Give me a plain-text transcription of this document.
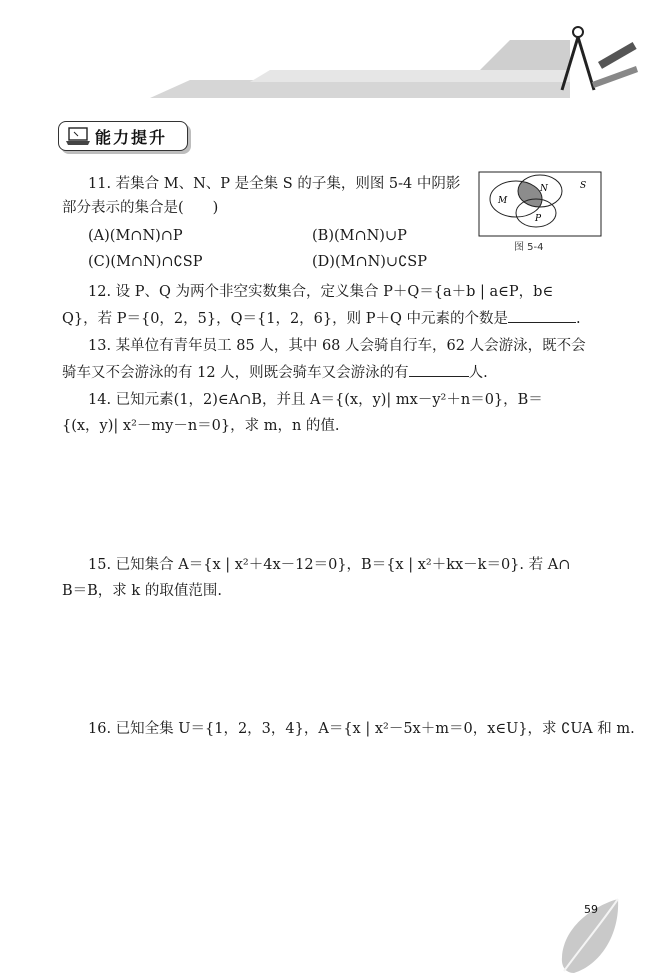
能力提升
11. 若集合 M、N、P 是全集 S 的子集，则图 5-4 中阴影
部分表示的集合是(　　)
(A)(M∩N)∩P	(B)(M∩N)∪P
(C)(M∩N)∩∁SP	(D)(M∩N)∪∁SP
M
N
P
S
图 5-4
12. 设 P、Q 为两个非空实数集合，定义集合 P＋Q＝{a＋b | a∈P，b∈
Q}，若 P＝{0，2，5}，Q＝{1，2，6}，则 P＋Q 中元素的个数是	.
13. 某单位有青年员工 85 人，其中 68 人会骑自行车，62 人会游泳，既不会
骑车又不会游泳的有 12 人，则既会骑车又会游泳的有	人.
14. 已知元素(1，2)∈A∩B，并且 A＝{(x，y)| mx－y²＋n＝0}，B＝
{(x，y)| x²－my－n＝0}，求 m，n 的值.
15. 已知集合 A＝{x | x²＋4x－12＝0}，B＝{x | x²＋kx－k＝0}. 若 A∩
B＝B，求 k 的取值范围.
16. 已知全集 U＝{1，2，3，4}，A＝{x | x²－5x＋m＝0，x∈U}，求 ∁UA 和 m.
59
